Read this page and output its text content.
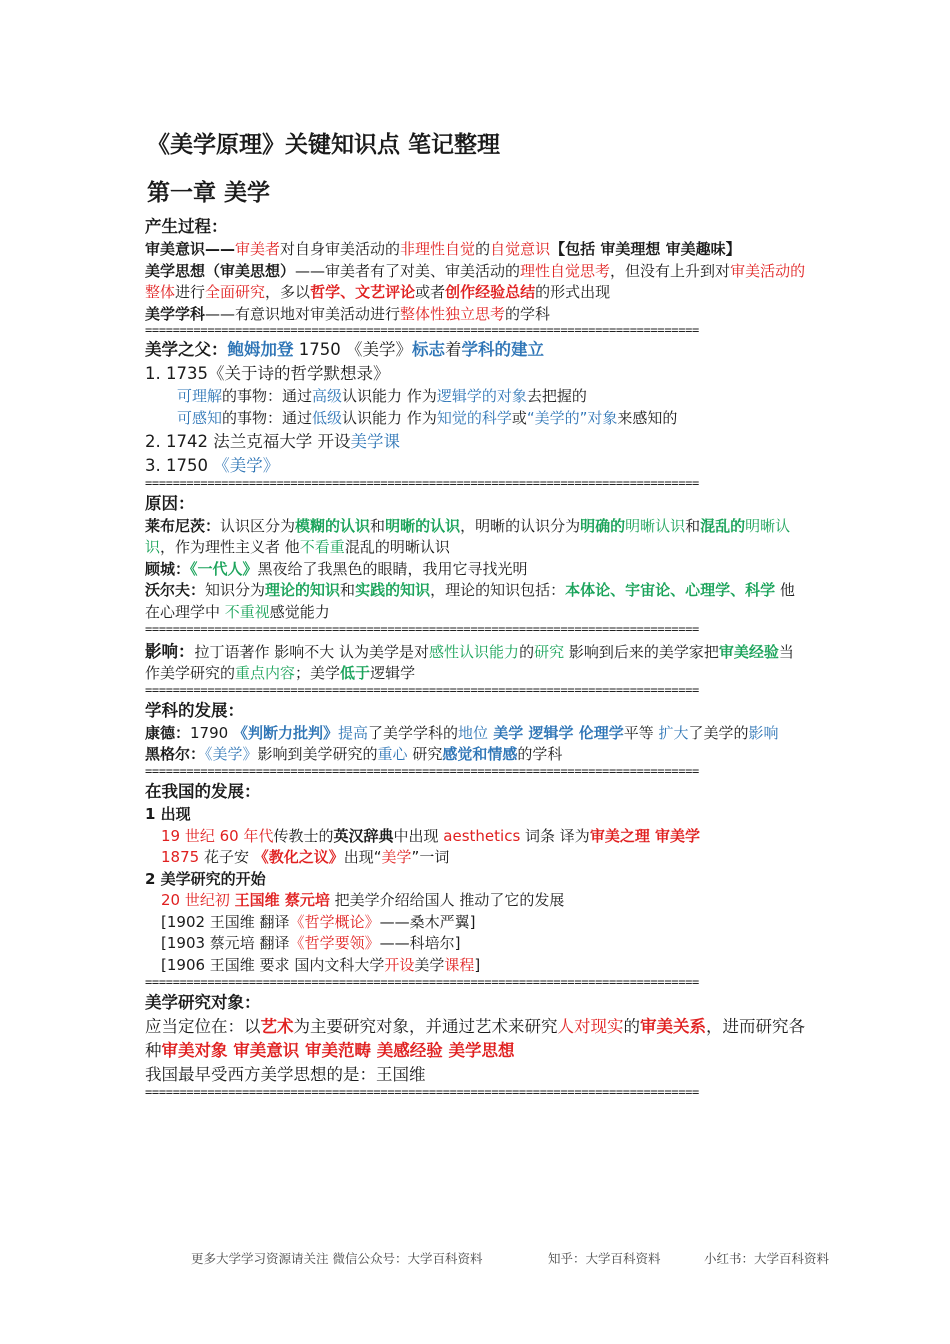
《美学原理》关键知识点 笔记整理
第一章 美学

产生过程：

审美意识——审美者对自身审美活动的非理性自觉的自觉意识【包括 审美理想 审美趣味】

美学思想（审美思想）——审美者有了对美、审美活动的理性自觉思考，但没有上升到对审美活动的整体进行全面研究，多以哲学、文艺评论或者创作经验总结的形式出现

美学学科——有意识地对审美活动进行整体性独立思考的学科

================================================================================

美学之父：鲍姆加登 1750 《美学》标志着学科的建立

1. 1735《关于诗的哲学默想录》

可理解的事物：通过高级认识能力 作为逻辑学的对象去把握的

可感知的事物：通过低级认识能力 作为知觉的科学或“美学的”对象来感知的

2. 1742 法兰克福大学 开设美学课

3. 1750 《美学》

================================================================================

原因：

莱布尼茨：认识区分为模糊的认识和明晰的认识，明晰的认识分为明确的明晰认识和混乱的明晰认识，作为理性主义者 他不看重混乱的明晰认识

顾城：《一代人》黑夜给了我黑色的眼睛，我用它寻找光明

沃尔夫：知识分为理论的知识和实践的知识，理论的知识包括：本体论、宇宙论、心理学、科学 他在心理学中 不重视感觉能力

================================================================================

影响：拉丁语著作 影响不大 认为美学是对感性认识能力的研究 影响到后来的美学家把审美经验当作美学研究的重点内容；美学低于逻辑学

================================================================================

学科的发展：

康德：1790 《判断力批判》提高了美学学科的地位 美学 逻辑学 伦理学平等 扩大了美学的影响

黑格尔：《美学》影响到美学研究的重心 研究感觉和情感的学科

================================================================================

在我国的发展：

1 出现

19 世纪 60 年代传教士的英汉辞典中出现 aesthetics 词条 译为审美之理 审美学

1875 花子安 《教化之议》出现“美学”一词

2 美学研究的开始

20 世纪初 王国维 蔡元培 把美学介绍给国人 推动了它的发展

[1902 王国维 翻译《哲学概论》——桑木严翼]

[1903 蔡元培 翻译《哲学要领》——科培尔]

[1906 王国维 要求 国内文科大学开设美学课程]

================================================================================

美学研究对象：

应当定位在：以艺术为主要研究对象，并通过艺术来研究人对现实的审美关系，进而研究各种审美对象 审美意识 审美范畴 美感经验 美学思想

我国最早受西方美学思想的是：王国维

================================================================================

更多大学学习资源请关注 微信公众号：大学百科资料	知乎：大学百科资料	小红书：大学百科资料
